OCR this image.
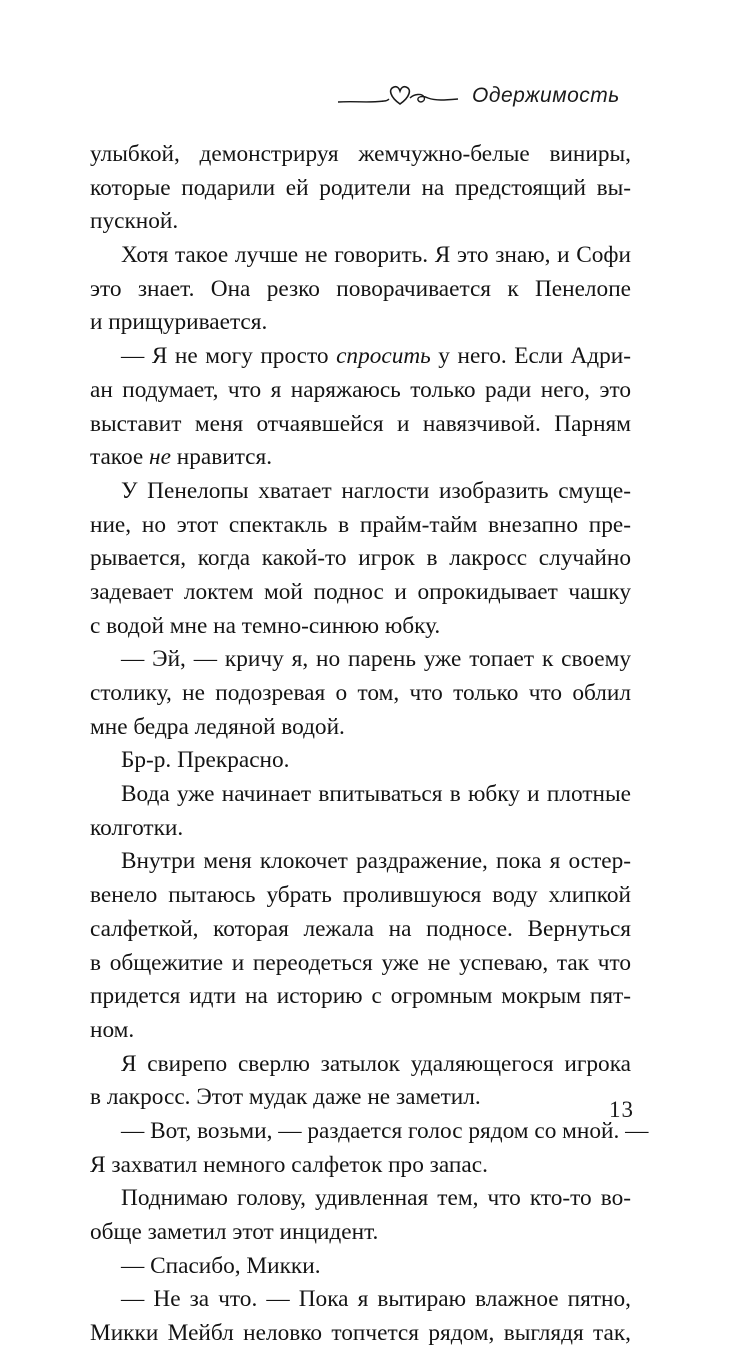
Одержимость
улыбкой, демонстрируя жемчужно-белые виниры,
которые подарили ей родители на предстоящий вы-
пускной.
Хотя такое лучше не говорить. Я это знаю, и Софи
это знает. Она резко поворачивается к Пенелопе
и прищуривается.
— Я не могу просто спросить у него. Если Адри-
ан подумает, что я наряжаюсь только ради него, это
выставит меня отчаявшейся и навязчивой. Парням
такое не нравится.
У Пенелопы хватает наглости изобразить смуще-
ние, но этот спектакль в прайм-тайм внезапно пре-
рывается, когда какой-то игрок в лакросс случайно
задевает локтем мой поднос и опрокидывает чашку
с водой мне на темно-синюю юбку.
— Эй, — кричу я, но парень уже топает к своему
столику, не подозревая о том, что только что облил
мне бедра ледяной водой.
Бр-р. Прекрасно.
Вода уже начинает впитываться в юбку и плотные
колготки.
Внутри меня клокочет раздражение, пока я остер-
венело пытаюсь убрать пролившуюся воду хлипкой
салфеткой, которая лежала на подносе. Вернуться
в общежитие и переодеться уже не успеваю, так что
придется идти на историю с огромным мокрым пят-
ном.
Я свирепо сверлю затылок удаляющегося игрока
в лакросс. Этот мудак даже не заметил.
— Вот, возьми, — раздается голос рядом со мной. —
Я захватил немного салфеток про запас.
Поднимаю голову, удивленная тем, что кто-то во-
обще заметил этот инцидент.
— Спасибо, Микки.
— Не за что. — Пока я вытираю влажное пятно,
Микки Мейбл неловко топчется рядом, выглядя так,
13
